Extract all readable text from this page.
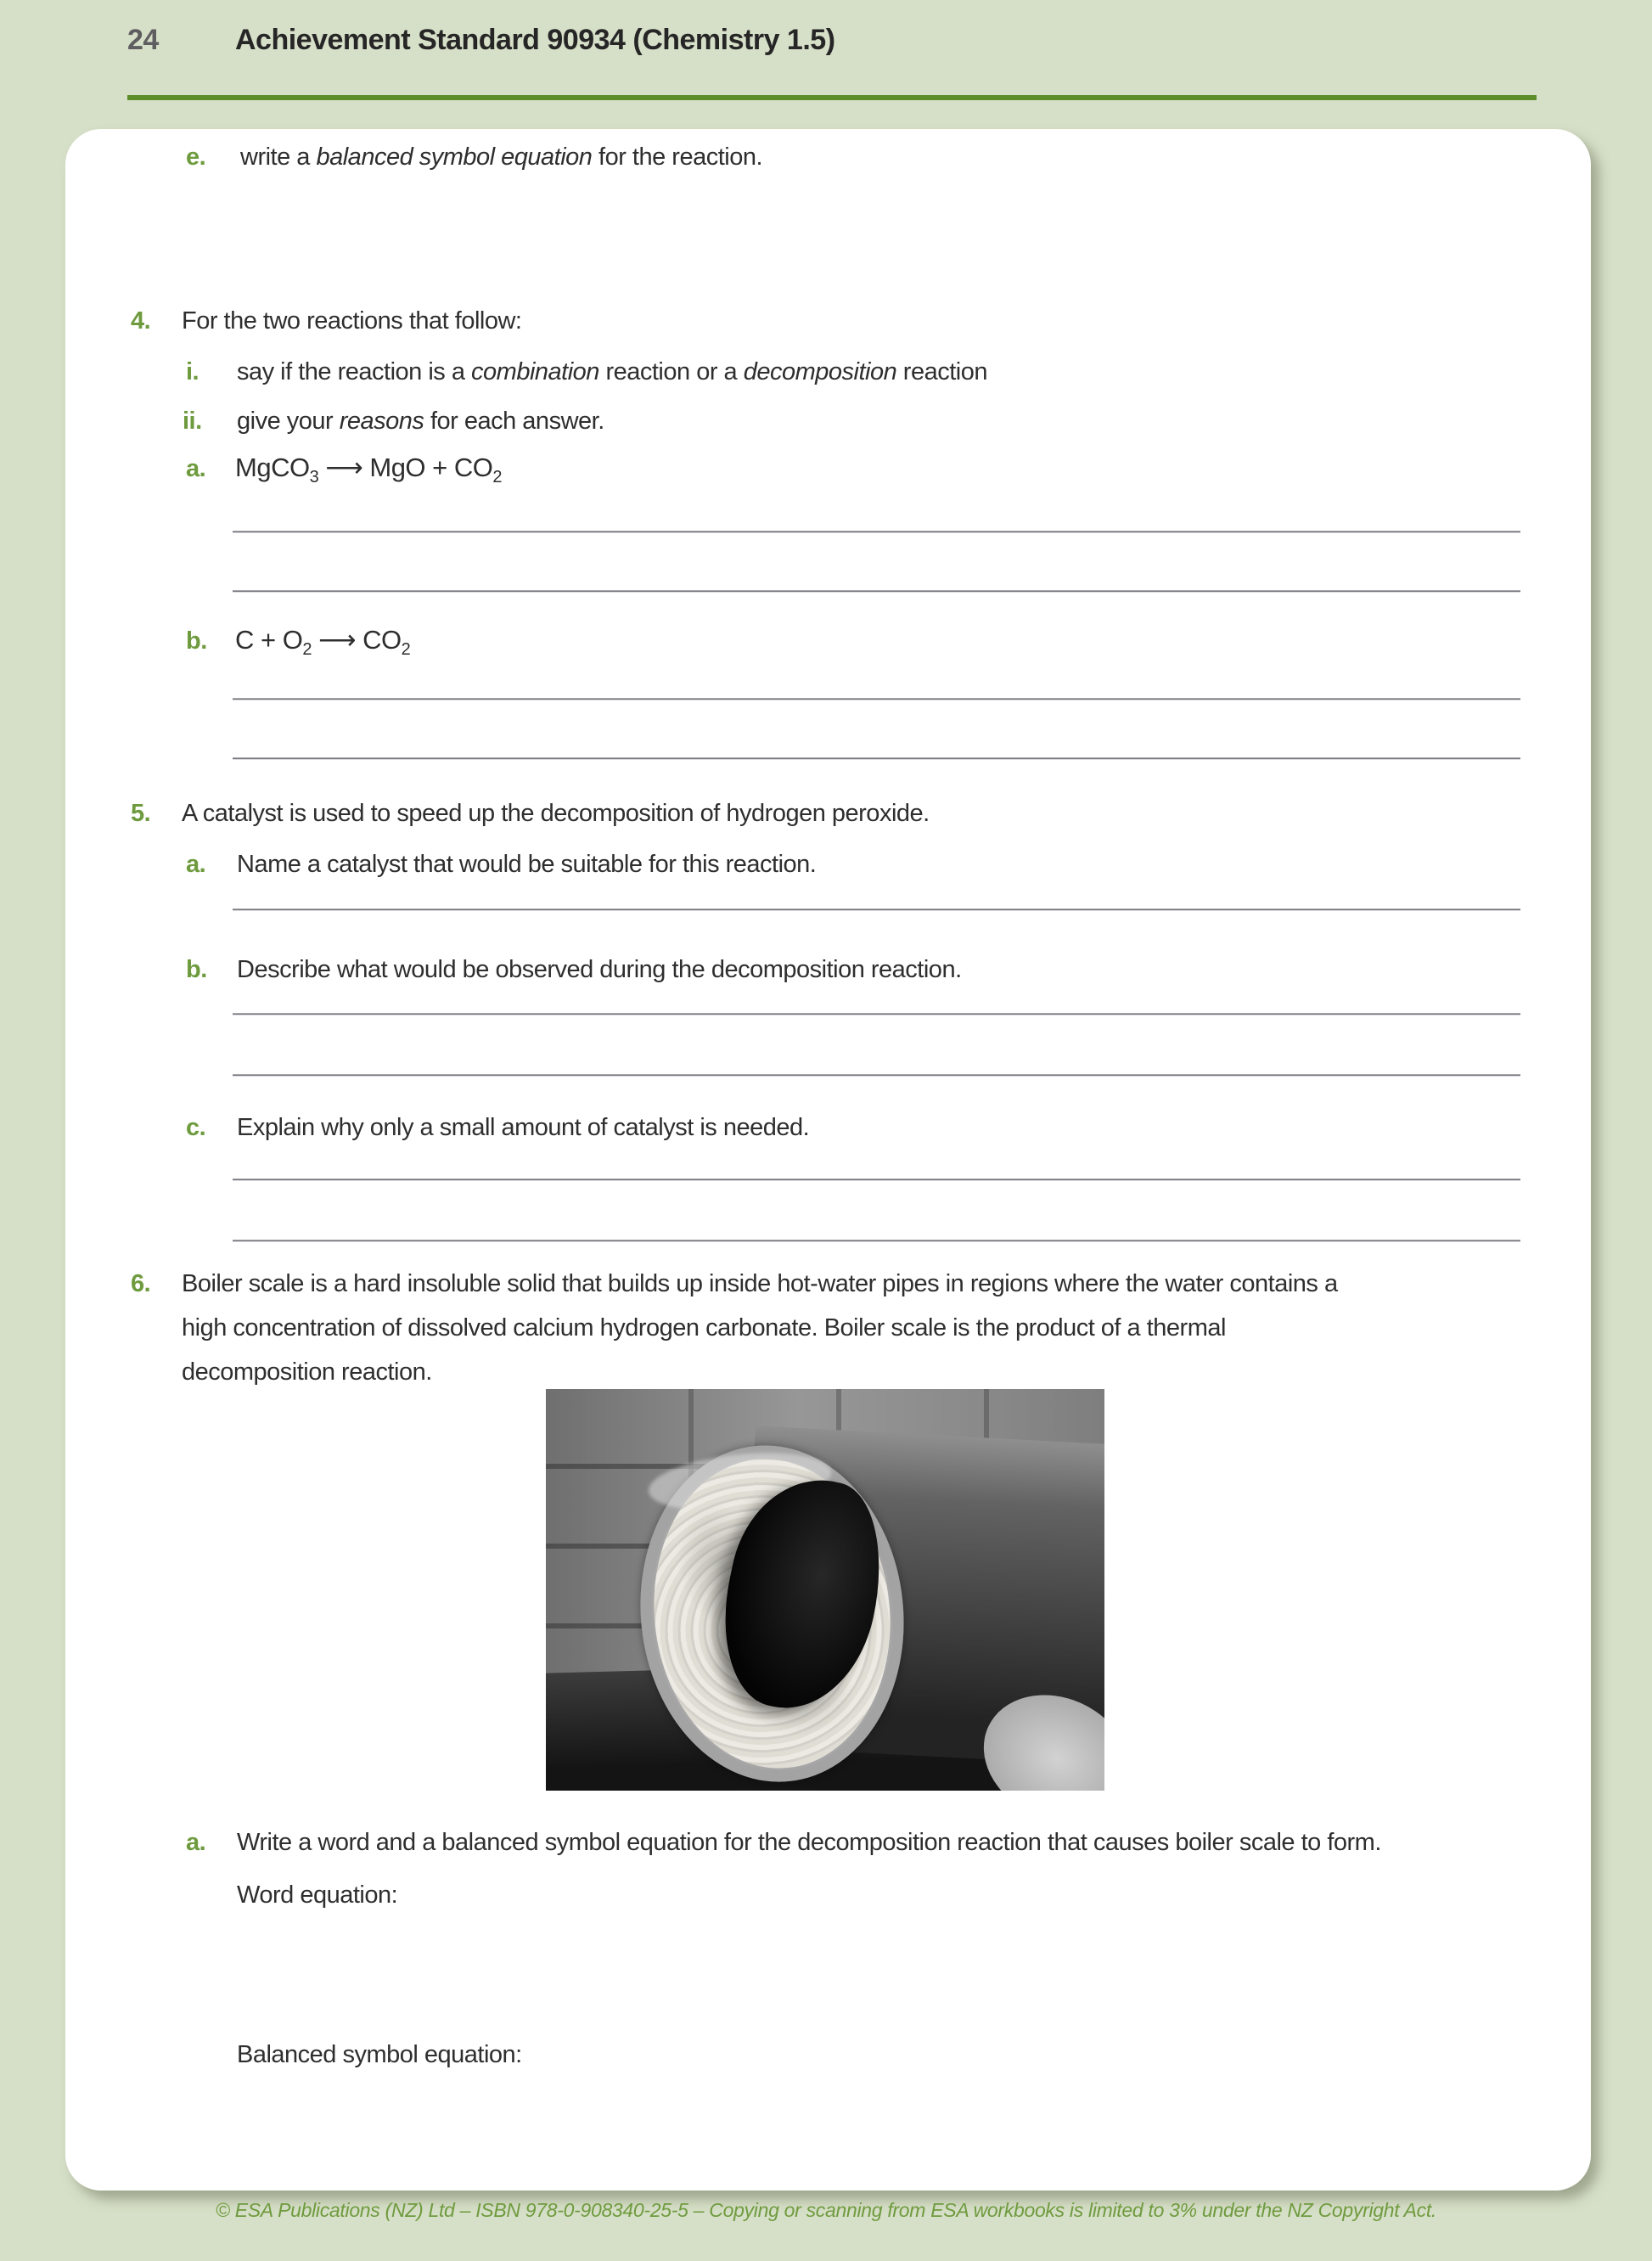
24	Achievement Standard 90934 (Chemistry 1.5)
e. write a balanced symbol equation for the reaction.
4. For the two reactions that follow:
i. say if the reaction is a combination reaction or a decomposition reaction
ii. give your reasons for each answer.
a. MgCO$_3$ ⟶ MgO + $CO_2$
b. $C + O_2$ ⟶ $CO_2$
5. A catalyst is used to speed up the decomposition of hydrogen peroxide.
a. Name a catalyst that would be suitable for this reaction.
b. Describe what would be observed during the decomposition reaction.
c. Explain why only a small amount of catalyst is needed.
6. Boiler scale is a hard insoluble solid that builds up inside hot-water pipes in regions where the water contains a high concentration of dissolved calcium hydrogen carbonate. Boiler scale is the product of a thermal decomposition reaction.
a. Write a word and a balanced symbol equation for the decomposition reaction that causes boiler scale to form.
Word equation:
Balanced symbol equation:
© ESA Publications (NZ) Ltd – ISBN 978-0-908340-25-5 – Copying or scanning from ESA workbooks is limited to 3% under the NZ Copyright Act.
